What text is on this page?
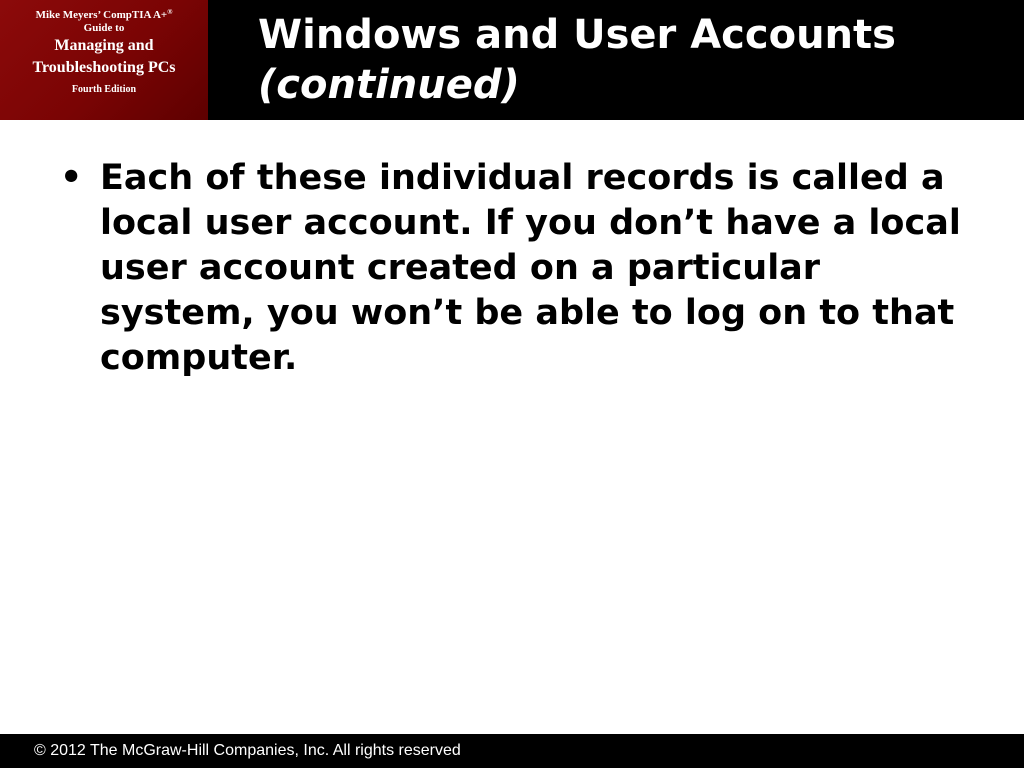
Mike Meyers’ CompTIA A+®
Guide to
Managing and
Troubleshooting PCs
Fourth Edition
Windows and User Accounts
(continued)
• Each of these individual records is called a local user account. If you don’t have a local user account created on a particular system, you won’t be able to log on to that computer.
© 2012 The McGraw-Hill Companies, Inc. All rights reserved
